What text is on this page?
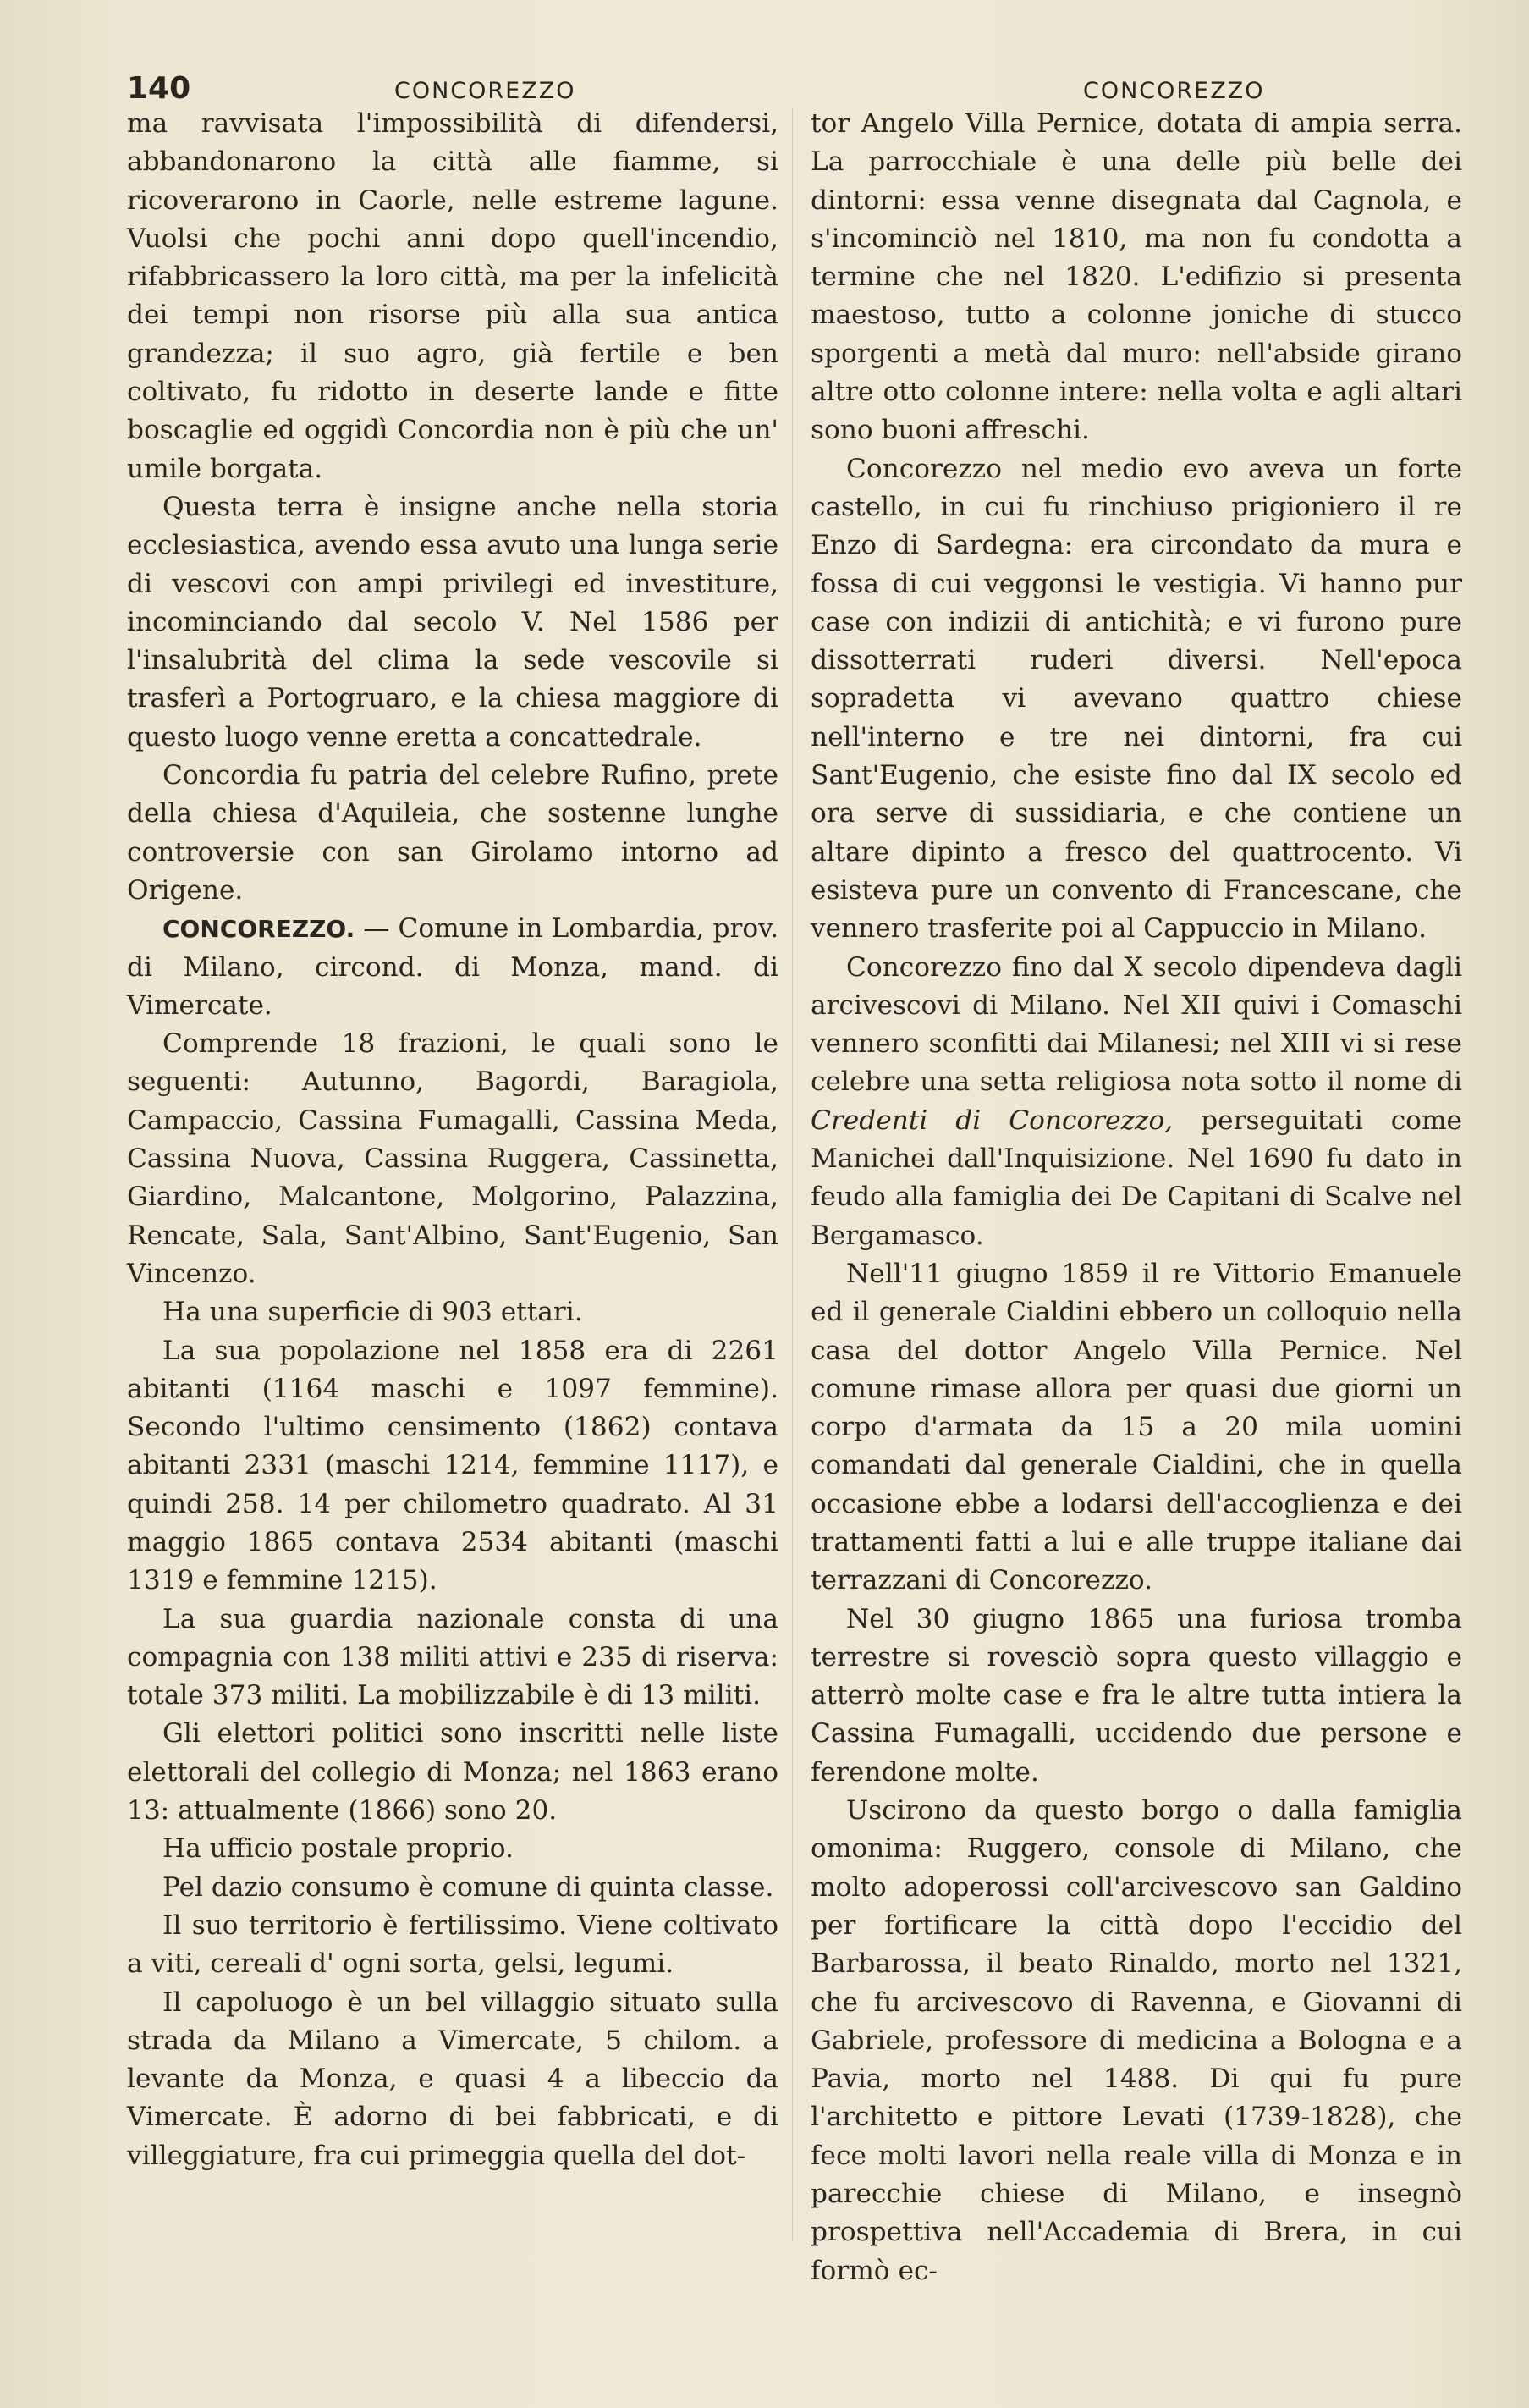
140	CONCOREZZO	CONCOREZZO

ma ravvisata l'impossibilità di difendersi, abbandonarono la città alle fiamme, si ricoverarono in Caorle, nelle estreme lagune. Vuolsi che pochi anni dopo quell'incendio, rifabbricassero la loro città, ma per la infelicità dei tempi non risorse più alla sua antica grandezza; il suo agro, già fertile e ben coltivato, fu ridotto in deserte lande e fitte boscaglie ed oggidì Concordia non è più che un' umile borgata.

Questa terra è insigne anche nella storia ecclesiastica, avendo essa avuto una lunga serie di vescovi con ampi privilegi ed investiture, incominciando dal secolo V. Nel 1586 per l'insalubrità del clima la sede vescovile si trasferì a Portogruaro, e la chiesa maggiore di questo luogo venne eretta a concattedrale.

Concordia fu patria del celebre Rufino, prete della chiesa d'Aquileia, che sostenne lunghe controversie con san Girolamo intorno ad Origene.

CONCOREZZO. — Comune in Lombardia, prov. di Milano, circond. di Monza, mand. di Vimercate.

Comprende 18 frazioni, le quali sono le seguenti: Autunno, Bagordi, Baragiola, Campaccio, Cassina Fumagalli, Cassina Meda, Cassina Nuova, Cassina Ruggera, Cassinetta, Giardino, Malcantone, Molgorino, Palazzina, Rencate, Sala, Sant'Albino, Sant'Eugenio, San Vincenzo.

Ha una superficie di 903 ettari.

La sua popolazione nel 1858 era di 2261 abitanti (1164 maschi e 1097 femmine). Secondo l'ultimo censimento (1862) contava abitanti 2331 (maschi 1214, femmine 1117), e quindi 258. 14 per chilometro quadrato. Al 31 maggio 1865 contava 2534 abitanti (maschi 1319 e femmine 1215).

La sua guardia nazionale consta di una compagnia con 138 militi attivi e 235 di riserva: totale 373 militi. La mobilizzabile è di 13 militi.

Gli elettori politici sono inscritti nelle liste elettorali del collegio di Monza; nel 1863 erano 13: attualmente (1866) sono 20.

Ha ufficio postale proprio.

Pel dazio consumo è comune di quinta classe.

Il suo territorio è fertilissimo. Viene coltivato a viti, cereali d' ogni sorta, gelsi, legumi.

Il capoluogo è un bel villaggio situato sulla strada da Milano a Vimercate, 5 chilom. a levante da Monza, e quasi 4 a libeccio da Vimercate. È adorno di bei fabbricati, e di villeggiature, fra cui primeggia quella del dot-

tor Angelo Villa Pernice, dotata di ampia serra. La parrocchiale è una delle più belle dei dintorni: essa venne disegnata dal Cagnola, e s'incominciò nel 1810, ma non fu condotta a termine che nel 1820. L'edifizio si presenta maestoso, tutto a colonne joniche di stucco sporgenti a metà dal muro: nell'abside girano altre otto colonne intere: nella volta e agli altari sono buoni affreschi.

Concorezzo nel medio evo aveva un forte castello, in cui fu rinchiuso prigioniero il re Enzo di Sardegna: era circondato da mura e fossa di cui veggonsi le vestigia. Vi hanno pur case con indizii di antichità; e vi furono pure dissotterrati ruderi diversi. Nell'epoca sopradetta vi avevano quattro chiese nell'interno e tre nei dintorni, fra cui Sant'Eugenio, che esiste fino dal IX secolo ed ora serve di sussidiaria, e che contiene un altare dipinto a fresco del quattrocento. Vi esisteva pure un convento di Francescane, che vennero trasferite poi al Cappuccio in Milano.

Concorezzo fino dal X secolo dipendeva dagli arcivescovi di Milano. Nel XII quivi i Comaschi vennero sconfitti dai Milanesi; nel XIII vi si rese celebre una setta religiosa nota sotto il nome di Credenti di Concorezzo, perseguitati come Manichei dall'Inquisizione. Nel 1690 fu dato in feudo alla famiglia dei De Capitani di Scalve nel Bergamasco.

Nell'11 giugno 1859 il re Vittorio Emanuele ed il generale Cialdini ebbero un colloquio nella casa del dottor Angelo Villa Pernice. Nel comune rimase allora per quasi due giorni un corpo d'armata da 15 a 20 mila uomini comandati dal generale Cialdini, che in quella occasione ebbe a lodarsi dell'accoglienza e dei trattamenti fatti a lui e alle truppe italiane dai terrazzani di Concorezzo.

Nel 30 giugno 1865 una furiosa tromba terrestre si rovesciò sopra questo villaggio e atterrò molte case e fra le altre tutta intiera la Cassina Fumagalli, uccidendo due persone e ferendone molte.

Uscirono da questo borgo o dalla famiglia omonima: Ruggero, console di Milano, che molto adoperossi coll'arcivescovo san Galdino per fortificare la città dopo l'eccidio del Barbarossa, il beato Rinaldo, morto nel 1321, che fu arcivescovo di Ravenna, e Giovanni di Gabriele, professore di medicina a Bologna e a Pavia, morto nel 1488. Di qui fu pure l'architetto e pittore Levati (1739-1828), che fece molti lavori nella reale villa di Monza e in parecchie chiese di Milano, e insegnò prospettiva nell'Accademia di Brera, in cui formò ec-
